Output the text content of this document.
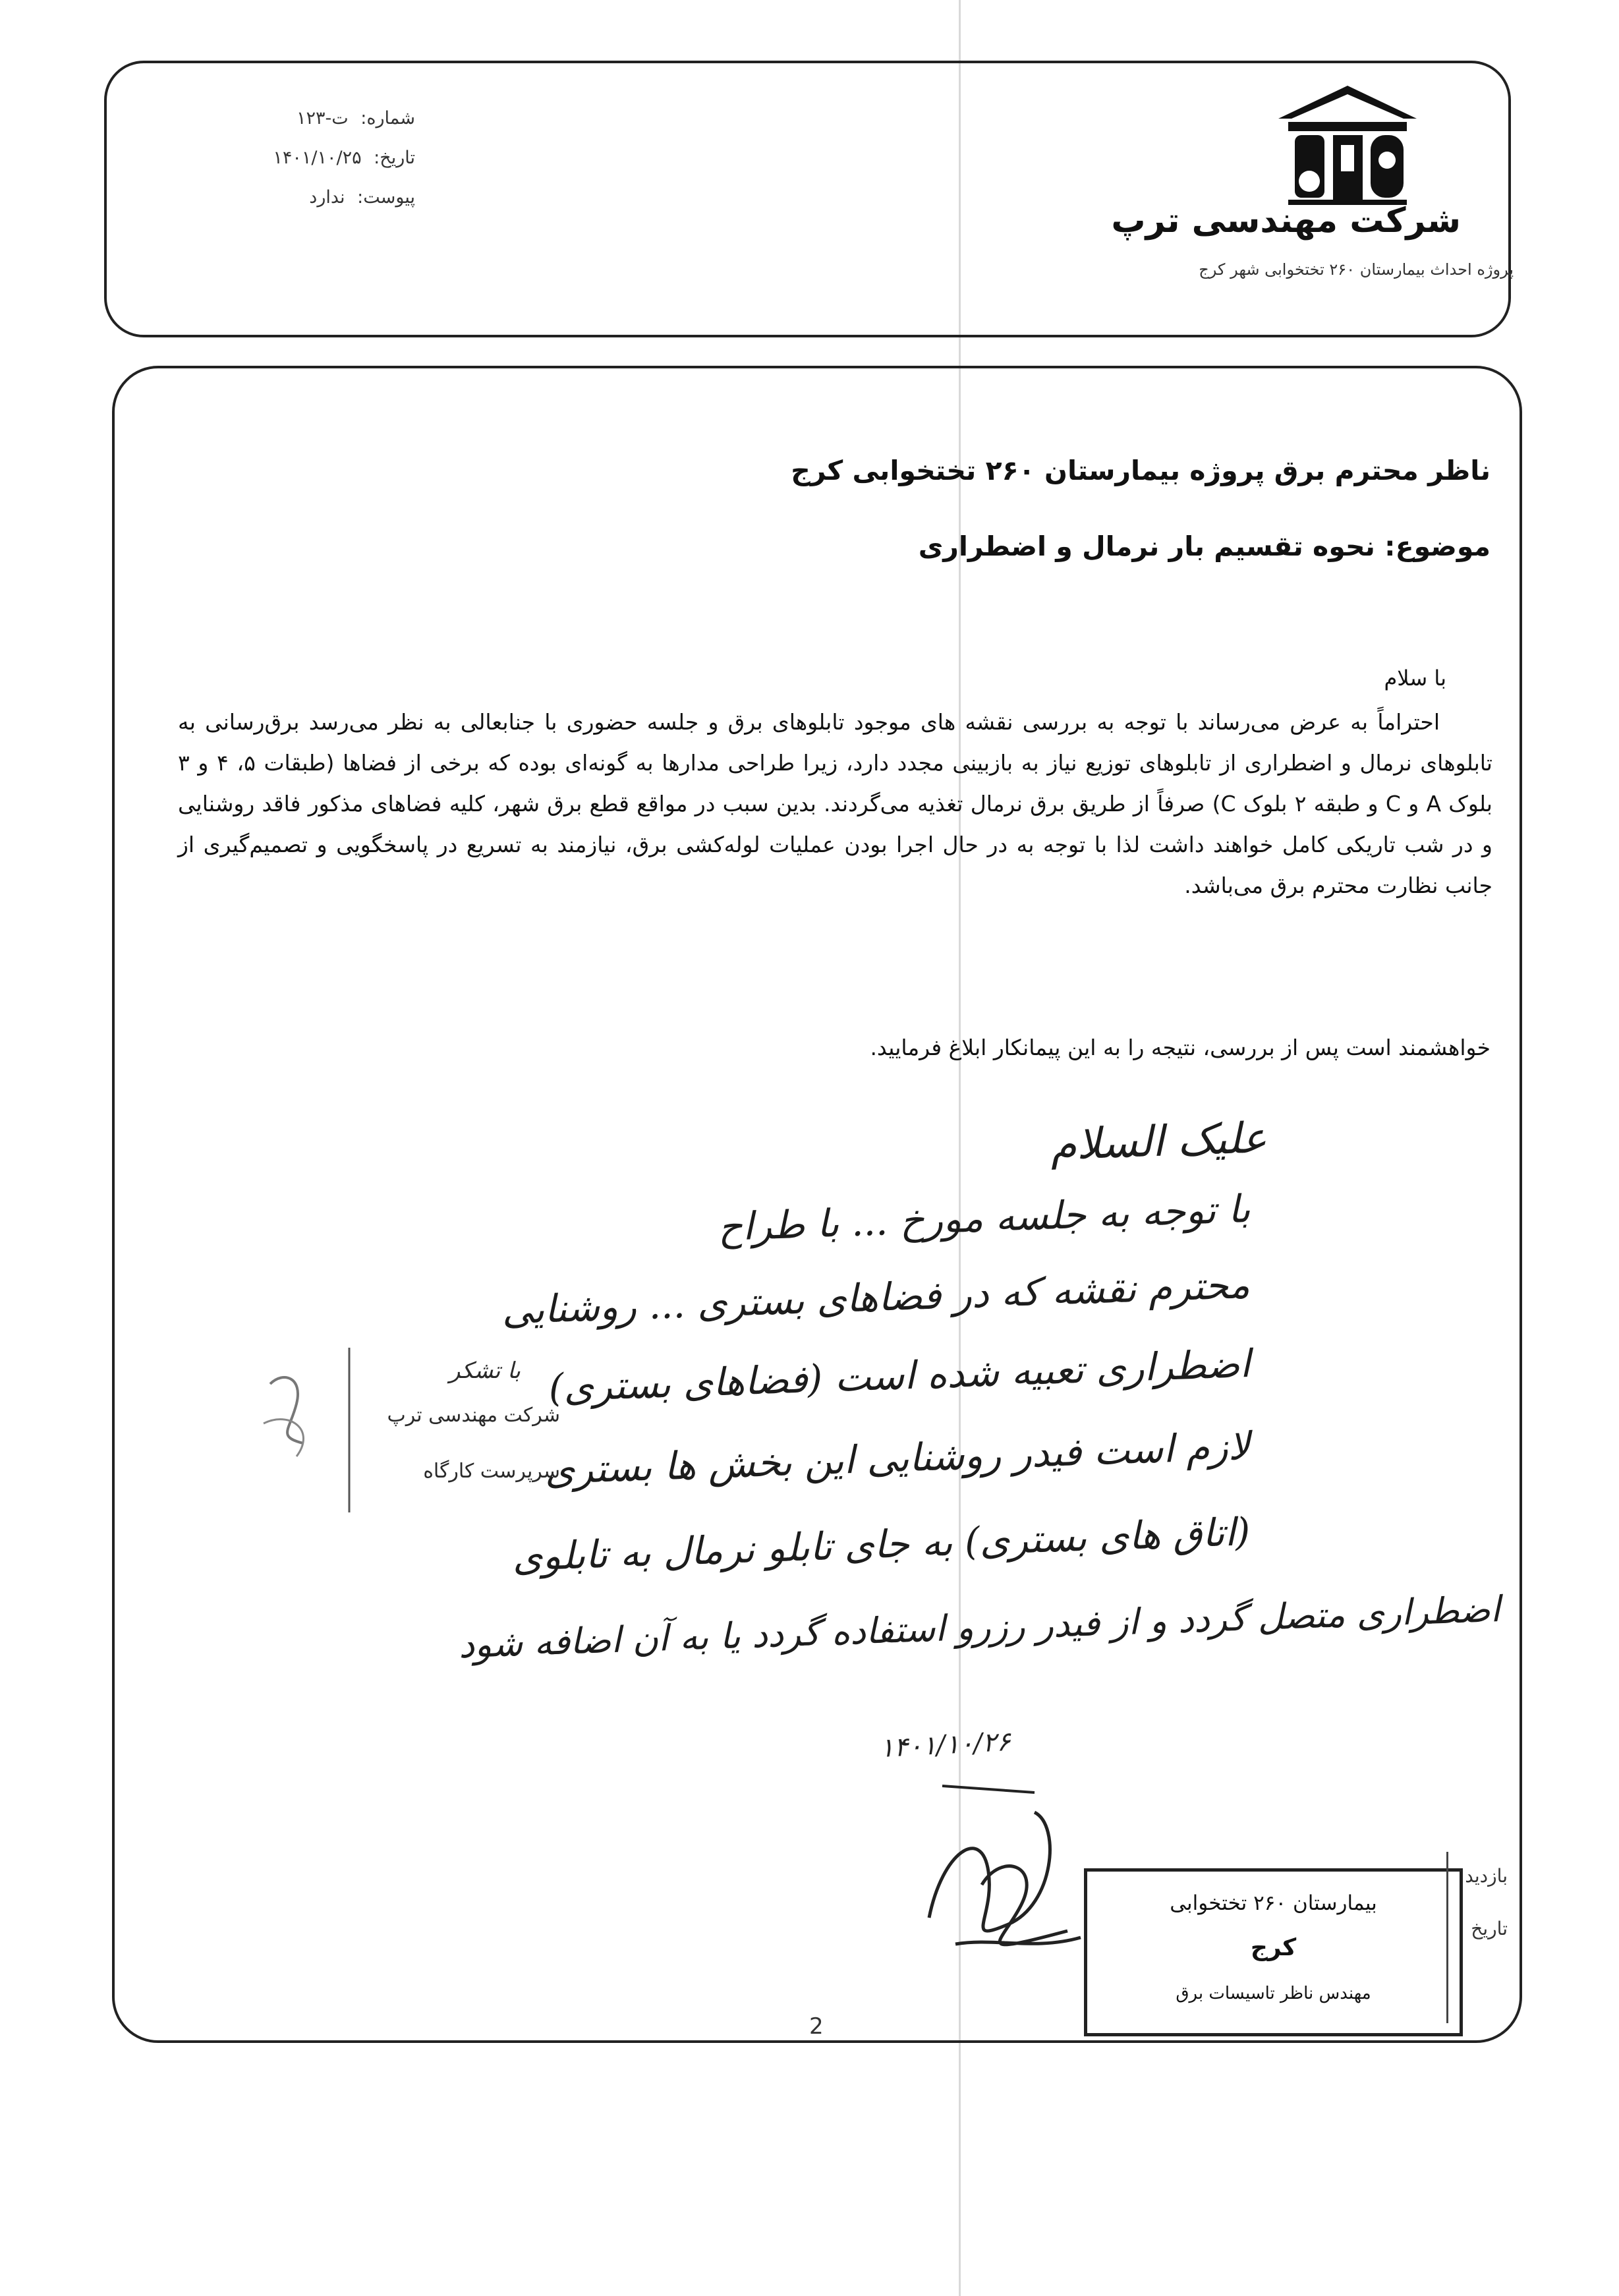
شماره: ت-۱۲۳
تاریخ: ۱۴۰۱/۱۰/۲۵
پیوست: ندارد
شرکت مهندسی ترپ
پروژه احداث بیمارستان ۲۶۰ تختخوابی شهر کرج
ناظر محترم برق پروژه بیمارستان ۲۶۰ تختخوابی کرج
موضوع: نحوه تقسیم بار نرمال و اضطراری
با سلام
احتراماً به عرض می‌رساند با توجه به بررسی نقشه های موجود تابلوهای برق و جلسه حضوری با جنابعالی به نظر می‌رسد برق‌رسانی به تابلوهای نرمال و اضطراری از تابلوهای توزیع نیاز به بازبینی مجدد دارد، زیرا طراحی مدارها به گونه‌ای بوده که برخی از فضاها (طبقات ۵، ۴ و ۳ بلوک A و C و طبقه ۲ بلوک C) صرفاً از طریق برق نرمال تغذیه می‌گردند. بدین سبب در مواقع قطع برق شهر، کلیه فضاهای مذکور فاقد روشنایی و در شب تاریکی کامل خواهند داشت لذا با توجه به در حال اجرا بودن عملیات لوله‌کشی برق، نیازمند به تسریع در پاسخگویی و تصمیم‌گیری از جانب نظارت محترم برق می‌باشد.
خواهشمند است پس از بررسی، نتیجه را به این پیمانکار ابلاغ فرمایید.
علیک السلام
با توجه به جلسه مورخ ... با طراح
محترم نقشه که در فضاهای بستری ... روشنایی
اضطراری تعبیه شده است (فضاهای بستری)
لازم است فیدر روشنایی این بخش ها بستری
(اتاق های بستری) به جای تابلو نرمال به تابلوی
اضطراری متصل گردد و از فیدر رزرو استفاده گردد یا به آن اضافه شود
۱۴۰۱/۱۰/۲۶
با تشکر
شرکت مهندسی ترپ
سرپرست کارگاه
بیمارستان ۲۶۰ تختخوابی
کرج
مهندس ناظر تاسیسات برق
بازدید
تاریخ
2
